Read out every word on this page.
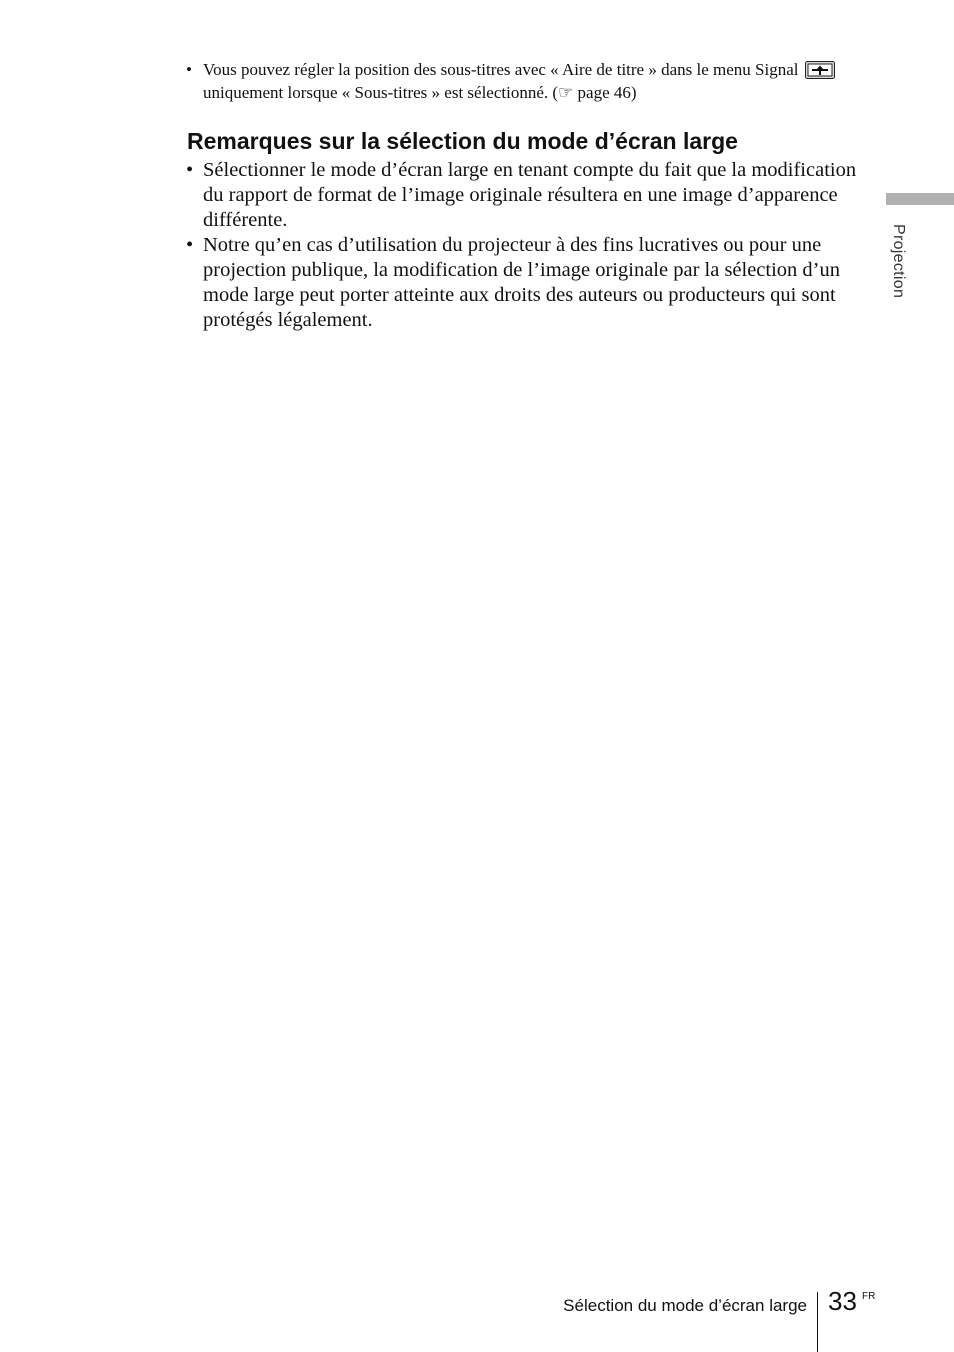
• Vous pouvez régler la position des sous-titres avec « Aire de titre » dans le menu Signaluniquement lorsque « Sous-titres » est sélectionné. (☞ page 46)
Remarques sur la sélection du mode d’écran large
• Sélectionner le mode d’écran large en tenant compte du fait que la modification du rapport de format de l’image originale résultera en une image d’apparence différente.
• Notre qu’en cas d’utilisation du projecteur à des fins lucratives ou pour une projection publique, la modification de l’image originale par la sélection d’un mode large peut porter atteinte aux droits des auteurs ou producteurs qui sont protégés légalement.
Projection
Sélection du mode d’écran large 33 FR
